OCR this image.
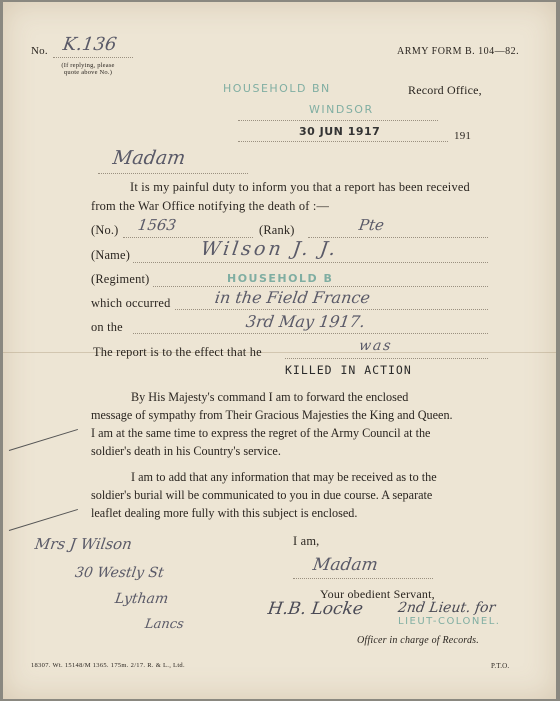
No. K.136
(If replying, please
quote above No.)
ARMY FORM B. 104—82.
HOUSEHOLD BN
WINDSOR
30 JUN 1917
Record Office,
191
Madam
It is my painful duty to inform you that a report has been received
from the War Office notifying the death of :—
(No.) 1563	(Rank)	Pte
(Name)	Wilson J. J.
(Regiment)	HOUSEHOLD B
which occurred	in the Field France
on the	3rd May 1917.
The report is to the effect that he	was
KILLED IN ACTION
By His Majesty's command I am to forward the enclosed
message of sympathy from Their Gracious Majesties the King and Queen.
I am at the same time to express the regret of the Army Council at the
soldier's death in his Country's service.
I am to add that any information that may be received as to the
soldier's burial will be communicated to you in due course. A separate
leaflet dealing more fully with this subject is enclosed.
I am,
Madam
Your obedient Servant,
H.B. Locke 2nd Lieut. for
LIEUT-COLONEL.
Officer in charge of Records.
Mrs J Wilson
30 Westly St
Lytham
Lancs
18307. Wt. 15148/M 1365. 175m. 2/17. R. & L., Ltd.	P.T.O.
